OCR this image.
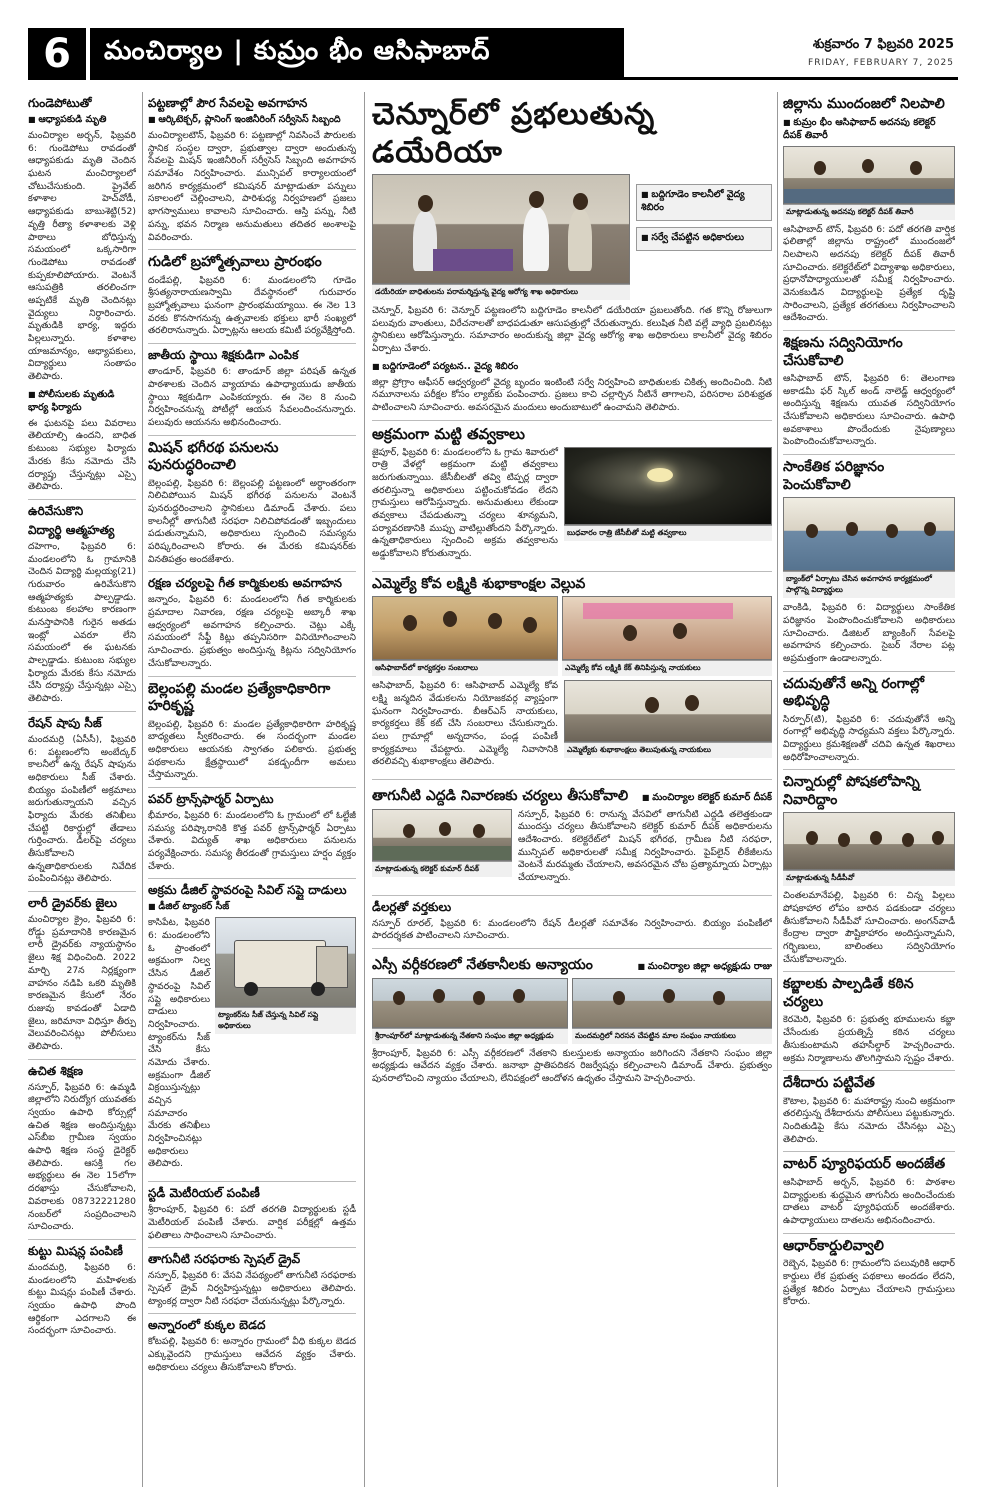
6	మంచిర్యాల | కుమ్రం భీం ఆసిఫాబాద్	శుక్రవారం 7 ఫిబ్రవరి 2025
FRIDAY, FEBRUARY 7, 2025
గుండెపోటుతో
■ ఆధ్యాపకుడి మృతి

మంచిర్యాల అర్బన్, ఫిబ్రవరి 6: గుండెపోటు రావడంతో ఆధ్యాపకుడు మృతి చెందిన ఘటన మంచిర్యాలలో చోటుచేసుకుంది. ప్రైవేట్ కళాశాల హెచ్‌వోడీ, ఆధ్యాపకుడు బాబుశెట్టి(52) వృత్తి రీత్యా కళాశాలకు వెళ్లి పాఠాలు బోధిస్తున్న సమయంలో ఒక్కసారిగా గుండెపోటు రావడంతో కుప్పకూలిపోయారు. వెంటనే ఆసుపత్రికి తరలించగా అప్పటికే మృతి చెందినట్లు వైద్యులు నిర్ధారించారు. మృతుడికి భార్య, ఇద్దరు పిల్లలున్నారు. కళాశాల యాజమాన్యం, ఆధ్యాపకులు, విద్యార్థులు సంతాపం తెలిపారు.

■ పోలీసులకు మృతుడి భార్య ఫిర్యాదు

ఈ ఘటనపై పలు వివరాలు తెలియాల్సి ఉందని, బాధిత కుటుంబ సభ్యుల ఫిర్యాదు మేరకు కేసు నమోదు చేసి దర్యాప్తు చేస్తున్నట్లు ఎస్సై తెలిపారు.

ఉరివేసుకొని
విద్యార్థి ఆత్మహత్య

దహెగాం, ఫిబ్రవరి 6: మండలంలోని ఓ గ్రామానికి చెందిన విద్యార్థి మల్లయ్య(21) గురువారం ఉరివేసుకొని ఆత్మహత్యకు పాల్పడ్డాడు. కుటుంబ కలహాల కారణంగా మనస్తాపానికి గురైన అతడు ఇంట్లో ఎవరూ లేని సమయంలో ఈ ఘటనకు పాల్పడ్డాడు. కుటుంబ సభ్యుల ఫిర్యాదు మేరకు కేసు నమోదు చేసి దర్యాప్తు చేస్తున్నట్లు ఎస్సై తెలిపారు.

రేషన్ షాపు సీజ్

మందమర్రి (ఏసీసీ), ఫిబ్రవరి 6: పట్టణంలోని అంబేద్కర్ కాలనీలో ఉన్న రేషన్ షాపును అధికారులు సీజ్ చేశారు. బియ్యం పంపిణీలో అక్రమాలు జరుగుతున్నాయని వచ్చిన ఫిర్యాదు మేరకు తనిఖీలు చేపట్టి రికార్డుల్లో తేడాలు గుర్తించారు. డీలర్‌పై చర్యలు తీసుకోవాలని ఉన్నతాధికారులకు నివేదిక పంపించినట్లు తెలిపారు.

లారీ డ్రైవర్‌కు జైలు

మంచిర్యాల క్రైం, ఫిబ్రవరి 6: రోడ్డు ప్రమాదానికి కారణమైన లారీ డ్రైవర్‌కు న్యాయస్థానం జైలు శిక్ష విధించింది. 2022 మార్చి 27న నిర్లక్ష్యంగా వాహనం నడిపి ఒకరి మృతికి కారణమైన కేసులో నేరం రుజువు కావడంతో ఏడాది జైలు, జరిమానా విధిస్తూ తీర్పు వెలువరించినట్లు పోలీసులు తెలిపారు.

ఉచిత శిక్షణ

నస్పూర్, ఫిబ్రవరి 6: ఉమ్మడి జిల్లాలోని నిరుద్యోగ యువతకు స్వయం ఉపాధి కోర్సుల్లో ఉచిత శిక్షణ అందిస్తున్నట్లు ఎస్‌బీఐ గ్రామీణ స్వయం ఉపాధి శిక్షణ సంస్థ డైరెక్టర్ తెలిపారు. ఆసక్తి గల అభ్యర్థులు ఈ నెల 15లోగా దరఖాస్తు చేసుకోవాలని, వివరాలకు 08732221280 నంబర్‌లో సంప్రదించాలని సూచించారు.

కుట్టు మిషన్ల పంపిణీ

మందమర్రి, ఫిబ్రవరి 6: మండలంలోని మహిళలకు కుట్టు మిషన్లు పంపిణీ చేశారు. స్వయం ఉపాధి పొంది ఆర్థికంగా ఎదగాలని ఈ సందర్భంగా సూచించారు.

పట్టణాల్లో పౌర సేవలపై అవగాహన
■ ఆర్కిటెక్చర్, ప్లానింగ్ ఇంజినీరింగ్ సర్వీసెస్ సిబ్బంది

మంచిర్యాలటౌన్, ఫిబ్రవరి 6: పట్టణాల్లో నివసించే పౌరులకు స్థానిక సంస్థల ద్వారా, ప్రభుత్వాల ద్వారా అందుతున్న సేవలపై మిషన్ ఇంజినీరింగ్ సర్వీసెస్ సిబ్బంది అవగాహన సమావేశం నిర్వహించారు. మున్సిపల్ కార్యాలయంలో జరిగిన కార్యక్రమంలో కమిషనర్ మాట్లాడుతూ పన్నులు సకాలంలో చెల్లించాలని, పారిశుధ్య నిర్వహణలో ప్రజలు భాగస్వాములు కావాలని సూచించారు. ఆస్తి పన్ను, నీటి పన్ను, భవన నిర్మాణ అనుమతులు తదితర అంశాలపై వివరించారు.

గుడిలో బ్రహ్మోత్సవాలు ప్రారంభం

దండేపల్లి, ఫిబ్రవరి 6: మండలంలోని గూడెం శ్రీసత్యనారాయణస్వామి దేవస్థానంలో గురువారం బ్రహ్మోత్సవాలు ఘనంగా ప్రారంభమయ్యాయి. ఈ నెల 13 వరకు కొనసాగనున్న ఉత్సవాలకు భక్తులు భారీ సంఖ్యలో తరలిరానున్నారు. ఏర్పాట్లను ఆలయ కమిటీ పర్యవేక్షిస్తోంది.

జాతీయ స్థాయి శిక్షకుడిగా ఎంపిక

తాండూర్, ఫిబ్రవరి 6: తాండూర్ జిల్లా పరిషత్ ఉన్నత పాఠశాలకు చెందిన వ్యాయామ ఉపాధ్యాయుడు జాతీయ స్థాయి శిక్షకుడిగా ఎంపికయ్యారు. ఈ నెల 8 నుంచి నిర్వహించనున్న పోటీల్లో ఆయన సేవలందించనున్నారు. పలువురు ఆయనను అభినందించారు.

మిషన్ భగీరథ పనులను పునరుద్ధరించాలి

బెల్లంపల్లి, ఫిబ్రవరి 6: బెల్లంపల్లి పట్టణంలో అర్ధాంతరంగా నిలిచిపోయిన మిషన్ భగీరథ పనులను వెంటనే పునరుద్ధరించాలని స్థానికులు డిమాండ్ చేశారు. పలు కాలనీల్లో తాగునీటి సరఫరా నిలిచిపోవడంతో ఇబ్బందులు పడుతున్నామని, అధికారులు స్పందించి సమస్యను పరిష్కరించాలని కోరారు. ఈ మేరకు కమిషనర్‌కు వినతిపత్రం అందజేశారు.

రక్షణ చర్యలపై గీత కార్మికులకు అవగాహన

జన్నారం, ఫిబ్రవరి 6: మండలంలోని గీత కార్మికులకు ప్రమాదాల నివారణ, రక్షణ చర్యలపై అబ్కారీ శాఖ ఆధ్వర్యంలో అవగాహన కల్పించారు. చెట్లు ఎక్కే సమయంలో సేఫ్టీ కిట్లు తప్పనిసరిగా వినియోగించాలని సూచించారు. ప్రభుత్వం అందిస్తున్న కిట్లను సద్వినియోగం చేసుకోవాలన్నారు.

బెల్లంపల్లి మండల ప్రత్యేకాధికారిగా హరికృష్ణ

బెల్లంపల్లి, ఫిబ్రవరి 6: మండల ప్రత్యేకాధికారిగా హరికృష్ణ బాధ్యతలు స్వీకరించారు. ఈ సందర్భంగా మండల అధికారులు ఆయనకు స్వాగతం పలికారు. ప్రభుత్వ పథకాలను క్షేత్రస్థాయిలో పకడ్బందీగా అమలు చేస్తామన్నారు.

పవర్ ట్రాన్స్‌ఫార్మర్ ఏర్పాటు

భీమారం, ఫిబ్రవరి 6: మండలంలోని ఓ గ్రామంలో లో ఓల్టేజీ సమస్య పరిష్కారానికి కొత్త పవర్ ట్రాన్స్‌ఫార్మర్ ఏర్పాటు చేశారు. విద్యుత్ శాఖ అధికారులు పనులను పర్యవేక్షించారు. సమస్య తీరడంతో గ్రామస్తులు హర్షం వ్యక్తం చేశారు.

అక్రమ డీజిల్ స్థావరంపై సివిల్ సప్లై దాడులు
■ డీజిల్ ట్యాంకర్ సీజ్

కాసిపేట, ఫిబ్రవరి 6: మండలంలోని ఓ ప్రాంతంలో అక్రమంగా నిల్వ చేసిన డీజిల్ స్థావరంపై సివిల్ సప్లై అధికారులు దాడులు నిర్వహించారు. ట్యాంకర్‌ను సీజ్ చేసి కేసు నమోదు చేశారు. అక్రమంగా డీజిల్ విక్రయిస్తున్నట్లు వచ్చిన సమాచారం మేరకు తనిఖీలు నిర్వహించినట్లు అధికారులు తెలిపారు.

ట్యాంకర్‌ను సీజ్ చేస్తున్న సివిల్ సప్లై అధికారులు
స్టడీ మెటీరియల్ పంపిణీ

శ్రీరాంపూర్, ఫిబ్రవరి 6: పదో తరగతి విద్యార్థులకు స్టడీ మెటీరియల్ పంపిణీ చేశారు. వార్షిక పరీక్షల్లో ఉత్తమ ఫలితాలు సాధించాలని సూచించారు.

తాగునీటి సరఫరాకు స్పెషల్ డ్రైవ్

నస్పూర్, ఫిబ్రవరి 6: వేసవి నేపథ్యంలో తాగునీటి సరఫరాకు స్పెషల్ డ్రైవ్ నిర్వహిస్తున్నట్లు అధికారులు తెలిపారు. ట్యాంకర్ల ద్వారా నీటి సరఫరా చేయనున్నట్లు పేర్కొన్నారు.

అన్నారంలో కుక్కల బెడద

కోటపల్లి, ఫిబ్రవరి 6: అన్నారం గ్రామంలో వీధి కుక్కల బెడద ఎక్కువైందని గ్రామస్తులు ఆవేదన వ్యక్తం చేశారు. అధికారులు చర్యలు తీసుకోవాలని కోరారు.

చెన్నూర్‌లో ప్రభలుతున్న డయేరియా
డయేరియా బాధితులను పరామర్శిస్తున్న వైద్య ఆరోగ్య శాఖ అధికారులు
■ బద్దిగూడెం కాలనీలో వైద్య శిబిరం
■ సర్వే చేపట్టిన అధికారులు

చెన్నూర్, ఫిబ్రవరి 6: చెన్నూర్ పట్టణంలోని బద్దిగూడెం కాలనీలో డయేరియా ప్రబలుతోంది. గత కొన్ని రోజులుగా పలువురు వాంతులు, విరేచనాలతో బాధపడుతూ ఆసుపత్రుల్లో చేరుతున్నారు. కలుషిత నీటి వల్లే వ్యాధి ప్రబలినట్లు స్థానికులు ఆరోపిస్తున్నారు. సమాచారం అందుకున్న జిల్లా వైద్య ఆరోగ్య శాఖ అధికారులు కాలనీలో వైద్య శిబిరం ఏర్పాటు చేశారు.

■ బద్దిగూడెంలో పర్యటన.. వైద్య శిబిరం

జిల్లా ప్రోగ్రాం ఆఫీసర్ ఆధ్వర్యంలో వైద్య బృందం ఇంటింటి సర్వే నిర్వహించి బాధితులకు చికిత్స అందించింది. నీటి నమూనాలను పరీక్షల కోసం ల్యాబ్‌కు పంపించారు. ప్రజలు కాచి చల్లార్చిన నీటినే తాగాలని, పరిసరాల పరిశుభ్రత పాటించాలని సూచించారు. అవసరమైన మందులు అందుబాటులో ఉంచామని తెలిపారు.

అక్రమంగా మట్టి తవ్వకాలు

జైపూర్, ఫిబ్రవరి 6: మండలంలోని ఓ గ్రామ శివారులో రాత్రి వేళల్లో అక్రమంగా మట్టి తవ్వకాలు జరుగుతున్నాయి. జేసీబీలతో తవ్వి టిప్పర్ల ద్వారా తరలిస్తున్నా అధికారులు పట్టించుకోవడం లేదని గ్రామస్తులు ఆరోపిస్తున్నారు. అనుమతులు లేకుండా తవ్వకాలు చేపడుతున్నా చర్యలు శూన్యమని, పర్యావరణానికి ముప్పు వాటిల్లుతోందని పేర్కొన్నారు. ఉన్నతాధికారులు స్పందించి అక్రమ తవ్వకాలను అడ్డుకోవాలని కోరుతున్నారు.

బుధవారం రాత్రి జేసీబీతో మట్టి తవ్వకాలు
ఎమ్మెల్యే కోవ లక్ష్మికి శుభాకాంక్షల వెల్లువ
ఆసిఫాబాద్‌లో కార్యకర్తల సంబరాలు	ఎమ్మెల్యే కోవ లక్ష్మికి కేక్ తినిపిస్తున్న నాయకులు

ఆసిఫాబాద్, ఫిబ్రవరి 6: ఆసిఫాబాద్ ఎమ్మెల్యే కోవ లక్ష్మి జన్మదిన వేడుకలను నియోజకవర్గ వ్యాప్తంగా ఘనంగా నిర్వహించారు. బీఆర్ఎస్ నాయకులు, కార్యకర్తలు కేక్ కట్ చేసి సంబరాలు చేసుకున్నారు. పలు గ్రామాల్లో అన్నదానం, పండ్ల పంపిణీ కార్యక్రమాలు చేపట్టారు. ఎమ్మెల్యే నివాసానికి తరలివచ్చి శుభాకాంక్షలు తెలిపారు.

ఎమ్మెల్యేకు శుభాకాంక్షలు తెలుపుతున్న నాయకులు
తాగునీటి ఎద్దడి నివారణకు చర్యలు తీసుకోవాలి	■ మంచిర్యాల కలెక్టర్ కుమార్ దీపక్
మాట్లాడుతున్న కలెక్టర్ కుమార్ దీపక్

నస్పూర్, ఫిబ్రవరి 6: రానున్న వేసవిలో తాగునీటి ఎద్దడి తలెత్తకుండా ముందస్తు చర్యలు తీసుకోవాలని కలెక్టర్ కుమార్ దీపక్ అధికారులను ఆదేశించారు. కలెక్టరేట్‌లో మిషన్ భగీరథ, గ్రామీణ నీటి సరఫరా, మున్సిపల్ అధికారులతో సమీక్ష నిర్వహించారు. పైప్‌లైన్ లీకేజీలను వెంటనే మరమ్మతు చేయాలని, అవసరమైన చోట ప్రత్యామ్నాయ ఏర్పాట్లు చేయాలన్నారు.

డీలర్లతో వర్తకులు

నస్పూర్ రూరల్, ఫిబ్రవరి 6: మండలంలోని రేషన్ డీలర్లతో సమావేశం నిర్వహించారు. బియ్యం పంపిణీలో పారదర్శకత పాటించాలని సూచించారు.

ఎస్సీ వర్గీకరణలో నేతకానీలకు అన్యాయం	■ మంచిర్యాల జిల్లా అధ్యక్షుడు రాజు
శ్రీరాంపూర్‌లో మాట్లాడుతున్న నేతకాని సంఘం జిల్లా అధ్యక్షుడు	మందమర్రిలో నిరసన చేపట్టిన మాల సంఘం నాయకులు

శ్రీరాంపూర్, ఫిబ్రవరి 6: ఎస్సీ వర్గీకరణలో నేతకాని కులస్తులకు అన్యాయం జరిగిందని నేతకాని సంఘం జిల్లా అధ్యక్షుడు ఆవేదన వ్యక్తం చేశారు. జనాభా ప్రాతిపదికన రిజర్వేషన్లు కల్పించాలని డిమాండ్ చేశారు. ప్రభుత్వం పునరాలోచించి న్యాయం చేయాలని, లేనిపక్షంలో ఆందోళన ఉధృతం చేస్తామని హెచ్చరించారు.

జిల్లాను ముందంజలో నిలపాలి
■ కుమ్రం భీం ఆసిఫాబాద్ అదనపు కలెక్టర్ దీపక్ తివారీ
మాట్లాడుతున్న అదనపు కలెక్టర్ దీపక్ తివారీ

ఆసిఫాబాద్ టౌన్, ఫిబ్రవరి 6: పదో తరగతి వార్షిక ఫలితాల్లో జిల్లాను రాష్ట్రంలో ముందంజలో నిలపాలని అదనపు కలెక్టర్ దీపక్ తివారీ సూచించారు. కలెక్టరేట్‌లో విద్యాశాఖ అధికారులు, ప్రధానోపాధ్యాయులతో సమీక్ష నిర్వహించారు. వెనుకబడిన విద్యార్థులపై ప్రత్యేక దృష్టి సారించాలని, ప్రత్యేక తరగతులు నిర్వహించాలని ఆదేశించారు.

శిక్షణను సద్వినియోగం చేసుకోవాలి

ఆసిఫాబాద్ టౌన్, ఫిబ్రవరి 6: తెలంగాణ అకాడమీ ఫర్ స్కిల్ అండ్ నాలెడ్జ్ ఆధ్వర్యంలో అందిస్తున్న శిక్షణను యువత సద్వినియోగం చేసుకోవాలని అధికారులు సూచించారు. ఉపాధి అవకాశాలు పొందేందుకు నైపుణ్యాలు పెంపొందించుకోవాలన్నారు.

సాంకేతిక పరిజ్ఞానం పెంచుకోవాలి
బ్యాంక్‌లో ఏర్పాటు చేసిన అవగాహన కార్యక్రమంలో పాల్గొన్న విద్యార్థులు

వాంకిడి, ఫిబ్రవరి 6: విద్యార్థులు సాంకేతిక పరిజ్ఞానం పెంపొందించుకోవాలని అధికారులు సూచించారు. డిజిటల్ బ్యాంకింగ్ సేవలపై అవగాహన కల్పించారు. సైబర్ నేరాల పట్ల అప్రమత్తంగా ఉండాలన్నారు.

చదువుతోనే అన్ని రంగాల్లో అభివృద్ధి

సిర్పూర్(టి), ఫిబ్రవరి 6: చదువుతోనే అన్ని రంగాల్లో అభివృద్ధి సాధ్యమని వక్తలు పేర్కొన్నారు. విద్యార్థులు క్రమశిక్షణతో చదివి ఉన్నత శిఖరాలు అధిరోహించాలన్నారు.

చిన్నారుల్లో పోషకలోపాన్ని నివారిద్దాం
మాట్లాడుతున్న సీడీపీవో

చింతలమానేపల్లి, ఫిబ్రవరి 6: చిన్న పిల్లలు పోషకాహార లోపం బారిన పడకుండా చర్యలు తీసుకోవాలని సీడీపీవో సూచించారు. అంగన్‌వాడీ కేంద్రాల ద్వారా పౌష్టికాహారం అందిస్తున్నామని, గర్భిణులు, బాలింతలు సద్వినియోగం చేసుకోవాలన్నారు.

కబ్జాలకు పాల్పడితే కఠిన చర్యలు

కెరమెరి, ఫిబ్రవరి 6: ప్రభుత్వ భూములను కబ్జా చేసేందుకు ప్రయత్నిస్తే కఠిన చర్యలు తీసుకుంటామని తహసీల్దార్ హెచ్చరించారు. అక్రమ నిర్మాణాలను తొలగిస్తామని స్పష్టం చేశారు.

దేశీదారు పట్టివేత

కౌటాల, ఫిబ్రవరి 6: మహారాష్ట్ర నుంచి అక్రమంగా తరలిస్తున్న దేశీదారును పోలీసులు పట్టుకున్నారు. నిందితుడిపై కేసు నమోదు చేసినట్లు ఎస్సై తెలిపారు.

వాటర్ ప్యూరిఫయర్ అందజేత

ఆసిఫాబాద్ అర్బన్, ఫిబ్రవరి 6: పాఠశాల విద్యార్థులకు శుద్ధమైన తాగునీరు అందించేందుకు దాతలు వాటర్ ప్యూరిఫయర్ అందజేశారు. ఉపాధ్యాయులు దాతలను అభినందించారు.

ఆధార్‌కార్డులివ్వాలి

రెబ్బెన, ఫిబ్రవరి 6: గ్రామంలోని పలువురికి ఆధార్ కార్డులు లేక ప్రభుత్వ పథకాలు అందడం లేదని, ప్రత్యేక శిబిరం ఏర్పాటు చేయాలని గ్రామస్తులు కోరారు.
